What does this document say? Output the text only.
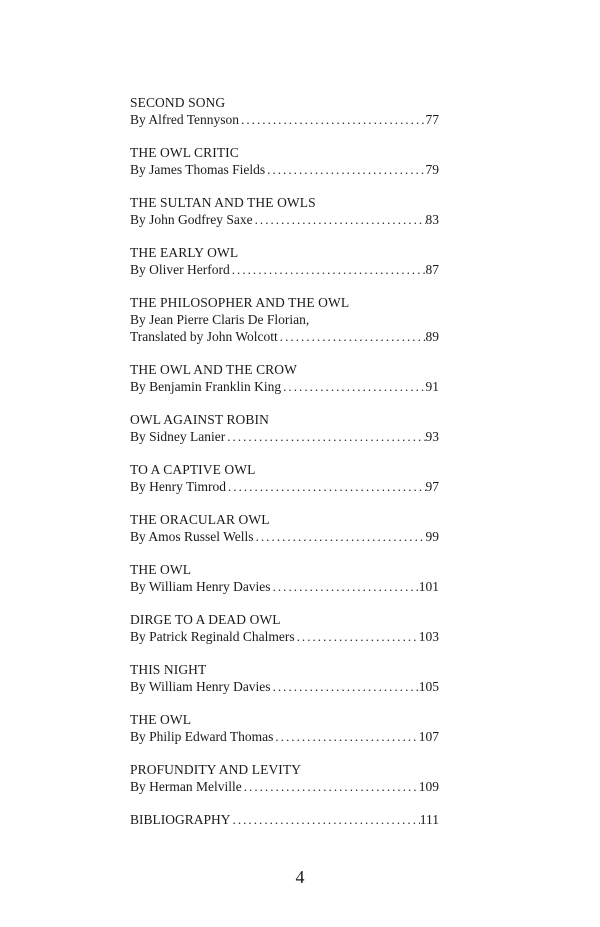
SECOND SONG
By Alfred Tennyson . . .	77
THE OWL CRITIC
By James Thomas Fields . . .	79
THE SULTAN AND THE OWLS
By John Godfrey Saxe . . .	83
THE EARLY OWL
By Oliver Herford . . .	87
THE PHILOSOPHER AND THE OWL
By Jean Pierre Claris De Florian,
Translated by John Wolcott . . .	89
THE OWL AND THE CROW
By Benjamin Franklin King . . .	91
OWL AGAINST ROBIN
By Sidney Lanier . . .	93
TO A CAPTIVE OWL
By Henry Timrod . . .	97
THE ORACULAR OWL
By Amos Russel Wells . . .	99
THE OWL
By William Henry Davies . . .	101
DIRGE TO A DEAD OWL
By Patrick Reginald Chalmers . . .	103
THIS NIGHT
By William Henry Davies . . .	105
THE OWL
By Philip Edward Thomas . . .	107
PROFUNDITY AND LEVITY
By Herman Melville . . .	109
BIBLIOGRAPHY . . .	111
4
